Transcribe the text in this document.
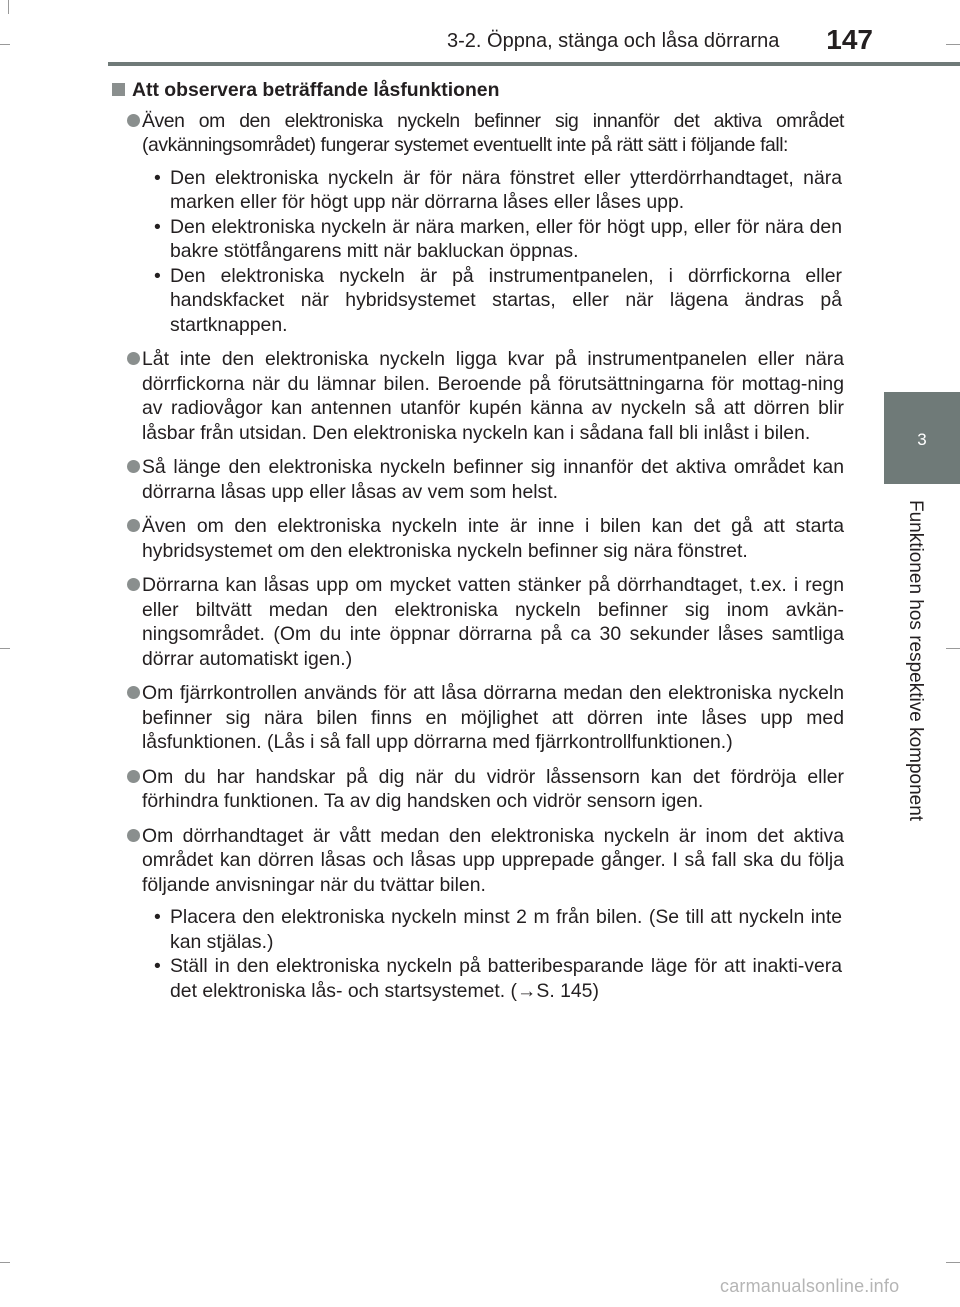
3-2. Öppna, stänga och låsa dörrarna	147
3
Funktionen hos respektive komponent
Att observera beträffande låsfunktionen
Även om den elektroniska nyckeln befinner sig innanför det aktiva området (avkänningsområdet) fungerar systemet eventuellt inte på rätt sätt i följande fall:
• Den elektroniska nyckeln är för nära fönstret eller ytterdörrhandtaget, nära marken eller för högt upp när dörrarna låses eller låses upp.
• Den elektroniska nyckeln är nära marken, eller för högt upp, eller för nära den bakre stötfångarens mitt när bakluckan öppnas.
• Den elektroniska nyckeln är på instrumentpanelen, i dörrfickorna eller handskfacket när hybridsystemet startas, eller när lägena ändras på startknappen.
Låt inte den elektroniska nyckeln ligga kvar på instrumentpanelen eller nära dörrfickorna när du lämnar bilen. Beroende på förutsättningarna för mottag-ning av radiovågor kan antennen utanför kupén känna av nyckeln så att dörren blir låsbar från utsidan. Den elektroniska nyckeln kan i sådana fall bli inlåst i bilen.
Så länge den elektroniska nyckeln befinner sig innanför det aktiva området kan dörrarna låsas upp eller låsas av vem som helst.
Även om den elektroniska nyckeln inte är inne i bilen kan det gå att starta hybridsystemet om den elektroniska nyckeln befinner sig nära fönstret.
Dörrarna kan låsas upp om mycket vatten stänker på dörrhandtaget, t.ex. i regn eller biltvätt medan den elektroniska nyckeln befinner sig inom avkän-ningsområdet. (Om du inte öppnar dörrarna på ca 30 sekunder låses samtliga dörrar automatiskt igen.)
Om fjärrkontrollen används för att låsa dörrarna medan den elektroniska nyckeln befinner sig nära bilen finns en möjlighet att dörren inte låses upp med låsfunktionen. (Lås i så fall upp dörrarna med fjärrkontrollfunktionen.)
Om du har handskar på dig när du vidrör låssensorn kan det fördröja eller förhindra funktionen. Ta av dig handsken och vidrör sensorn igen.
Om dörrhandtaget är vått medan den elektroniska nyckeln är inom det aktiva området kan dörren låsas och låsas upp upprepade gånger. I så fall ska du följa följande anvisningar när du tvättar bilen.
• Placera den elektroniska nyckeln minst 2 m från bilen. (Se till att nyckeln inte kan stjälas.)
• Ställ in den elektroniska nyckeln på batteribesparande läge för att inakti-vera det elektroniska lås- och startsystemet. (→S. 145)
carmanualsonline.info
